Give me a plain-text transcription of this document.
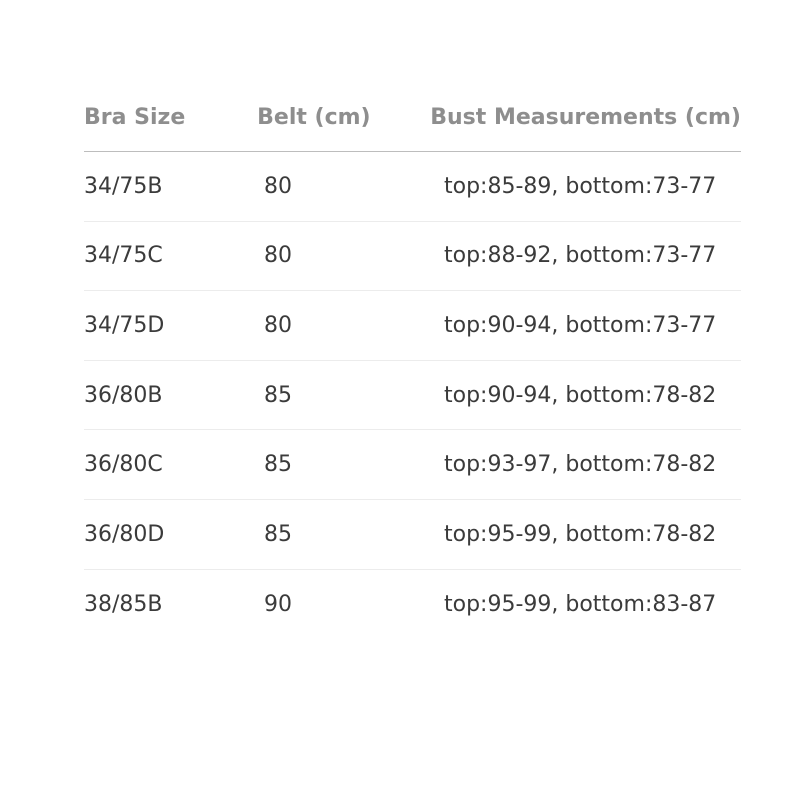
Bra Size	Belt (cm)	Bust Measurements (cm)
34/75B	80	top:85-89, bottom:73-77
34/75C	80	top:88-92, bottom:73-77
34/75D	80	top:90-94, bottom:73-77
36/80B	85	top:90-94, bottom:78-82
36/80C	85	top:93-97, bottom:78-82
36/80D	85	top:95-99, bottom:78-82
38/85B	90	top:95-99, bottom:83-87
